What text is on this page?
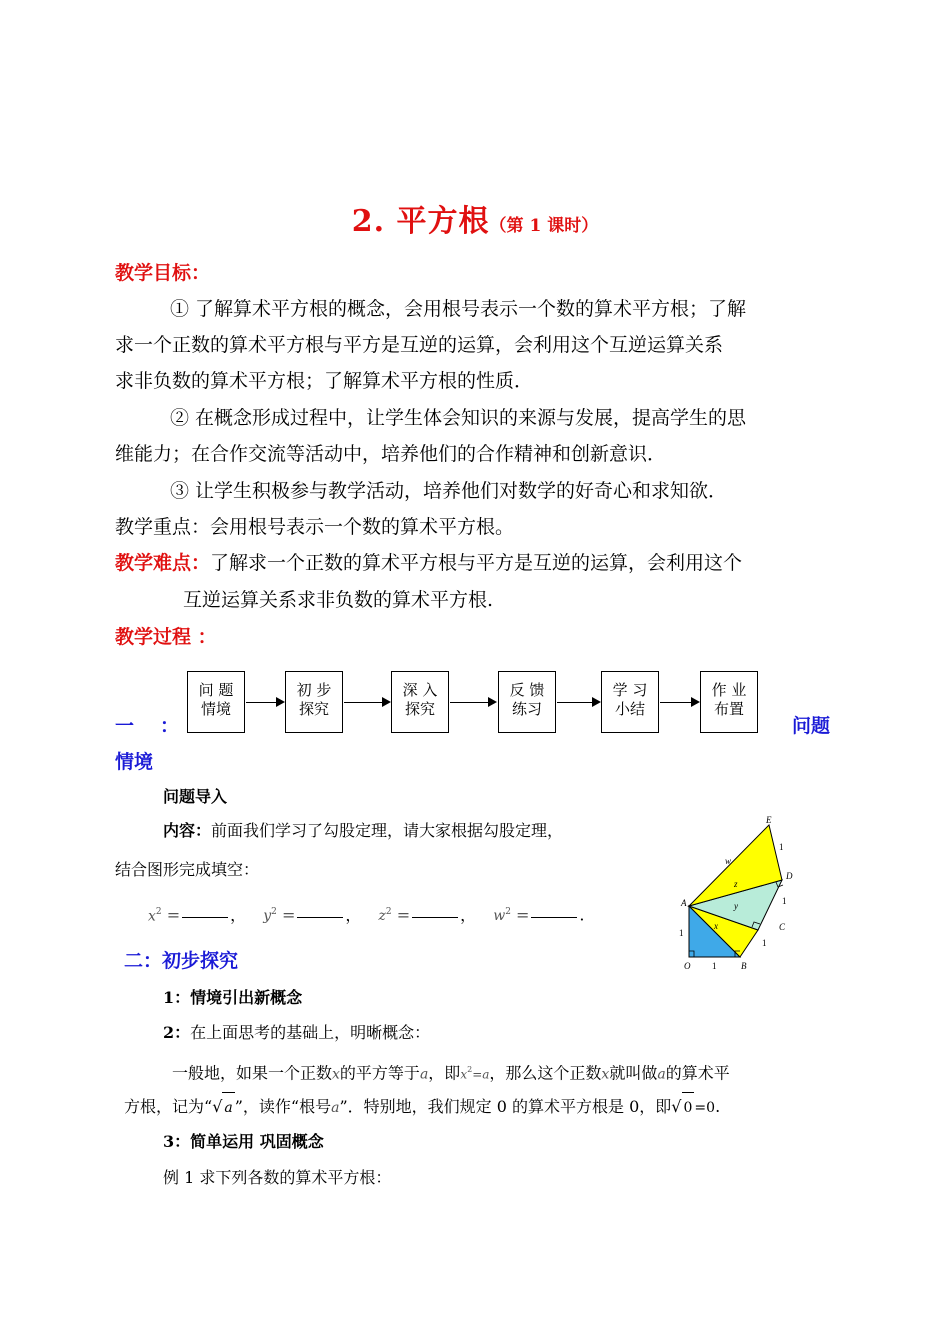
2. 平方根（第 1 课时）
教学目标：
① 了解算术平方根的概念，会用根号表示一个数的算术平方根；了解
求一个正数的算术平方根与平方是互逆的运算，会利用这个互逆运算关系
求非负数的算术平方根；了解算术平方根的性质．
② 在概念形成过程中，让学生体会知识的来源与发展，提高学生的思
维能力；在合作交流等活动中，培养他们的合作精神和创新意识．
③ 让学生积极参与教学活动，培养他们对数学的好奇心和求知欲．
教学重点：会用根号表示一个数的算术平方根。
教学难点：了解求一个正数的算术平方根与平方是互逆的运算，会利用这个
互逆运算关系求非负数的算术平方根.
教学过程 ：
问 题
情境
初 步
探究
深 入
探究
反 馈
练习
学 习
小结
作 业
布置
一 ：	问题
情境
问题导入
内容：前面我们学习了勾股定理，请大家根据勾股定理，
结合图形完成填空：
$x^2$ =	， $y^2$ =	， $z^2$ =	， $w^2$ =	.
E
D
C
B
A
O
w
z
y
x
1
1
1
1
1
二：初步探究
1：情境引出新概念
2：在上面思考的基础上，明晰概念：
一般地，如果一个正数x的平方等于a，即$x^2=a$，那么这个正数x就叫做a的算术平
方根，记为“√ a ”，读作“根号a”．特别地，我们规定 0 的算术平方根是 0，即√ 0 =0.
3：简单运用 巩固概念
例 1 求下列各数的算术平方根：
